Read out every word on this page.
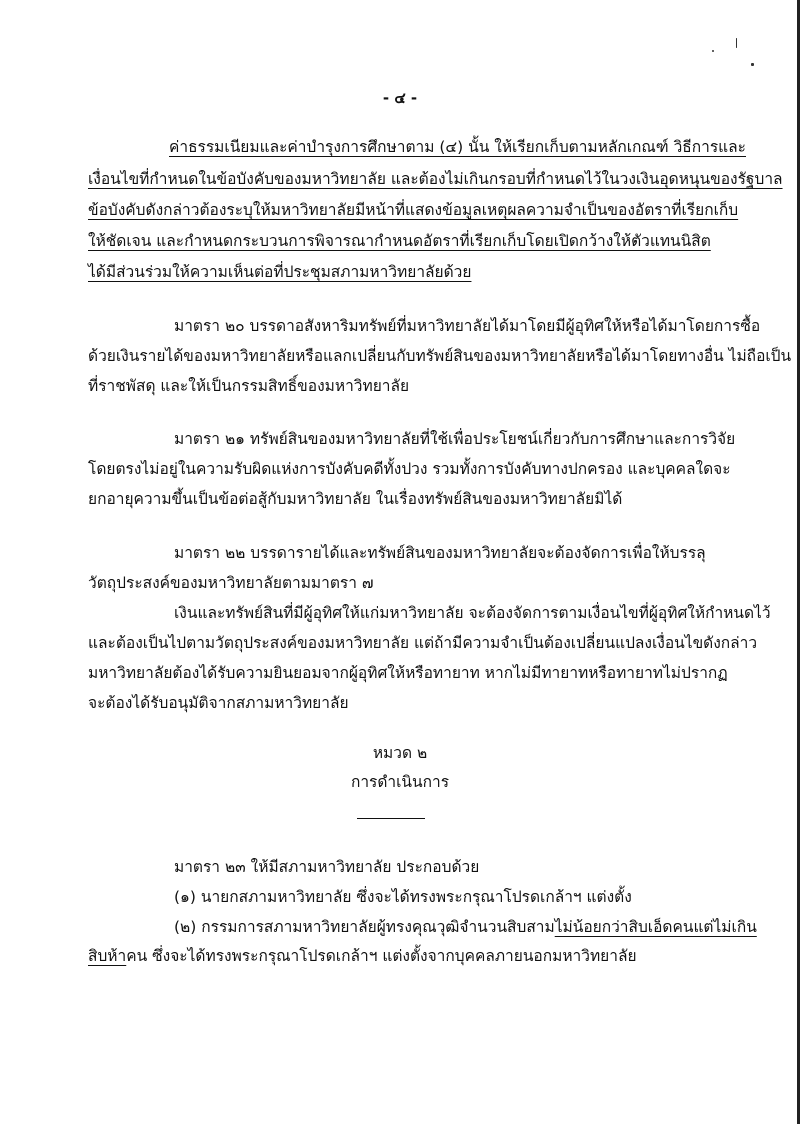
- ๔ -
ค่าธรรมเนียมและค่าบำรุงการศึกษาตาม (๔) นั้น ให้เรียกเก็บตามหลักเกณฑ์ วิธีการและ
เงื่อนไขที่กำหนดในข้อบังคับของมหาวิทยาลัย และต้องไม่เกินกรอบที่กำหนดไว้ในวงเงินอุดหนุนของรัฐบาล
ข้อบังคับดังกล่าวต้องระบุให้มหาวิทยาลัยมีหน้าที่แสดงข้อมูลเหตุผลความจำเป็นของอัตราที่เรียกเก็บ
ให้ชัดเจน และกำหนดกระบวนการพิจารณากำหนดอัตราที่เรียกเก็บโดยเปิดกว้างให้ตัวแทนนิสิต
ได้มีส่วนร่วมให้ความเห็นต่อที่ประชุมสภามหาวิทยาลัยด้วย
มาตรา ๒๐ บรรดาอสังหาริมทรัพย์ที่มหาวิทยาลัยได้มาโดยมีผู้อุทิศให้หรือได้มาโดยการซื้อ
ด้วยเงินรายได้ของมหาวิทยาลัยหรือแลกเปลี่ยนกับทรัพย์สินของมหาวิทยาลัยหรือได้มาโดยทางอื่น ไม่ถือเป็น
ที่ราชพัสดุ และให้เป็นกรรมสิทธิ์ของมหาวิทยาลัย
มาตรา ๒๑ ทรัพย์สินของมหาวิทยาลัยที่ใช้เพื่อประโยชน์เกี่ยวกับการศึกษาและการวิจัย
โดยตรงไม่อยู่ในความรับผิดแห่งการบังคับคดีทั้งปวง รวมทั้งการบังคับทางปกครอง และบุคคลใดจะ
ยกอายุความขึ้นเป็นข้อต่อสู้กับมหาวิทยาลัย ในเรื่องทรัพย์สินของมหาวิทยาลัยมิได้
มาตรา ๒๒ บรรดารายได้และทรัพย์สินของมหาวิทยาลัยจะต้องจัดการเพื่อให้บรรลุ
วัตถุประสงค์ของมหาวิทยาลัยตามมาตรา ๗
เงินและทรัพย์สินที่มีผู้อุทิศให้แก่มหาวิทยาลัย จะต้องจัดการตามเงื่อนไขที่ผู้อุทิศให้กำหนดไว้
และต้องเป็นไปตามวัตถุประสงค์ของมหาวิทยาลัย แต่ถ้ามีความจำเป็นต้องเปลี่ยนแปลงเงื่อนไขดังกล่าว
มหาวิทยาลัยต้องได้รับความยินยอมจากผู้อุทิศให้หรือทายาท หากไม่มีทายาทหรือทายาทไม่ปรากฏ
จะต้องได้รับอนุมัติจากสภามหาวิทยาลัย
หมวด ๒
การดำเนินการ
มาตรา ๒๓ ให้มีสภามหาวิทยาลัย ประกอบด้วย
(๑) นายกสภามหาวิทยาลัย ซึ่งจะได้ทรงพระกรุณาโปรดเกล้าฯ แต่งตั้ง
(๒) กรรมการสภามหาวิทยาลัยผู้ทรงคุณวุฒิจำนวนสิบสามไม่น้อยกว่าสิบเอ็ดคนแต่ไม่เกิน
สิบห้าคน ซึ่งจะได้ทรงพระกรุณาโปรดเกล้าฯ แต่งตั้งจากบุคคลภายนอกมหาวิทยาลัย
